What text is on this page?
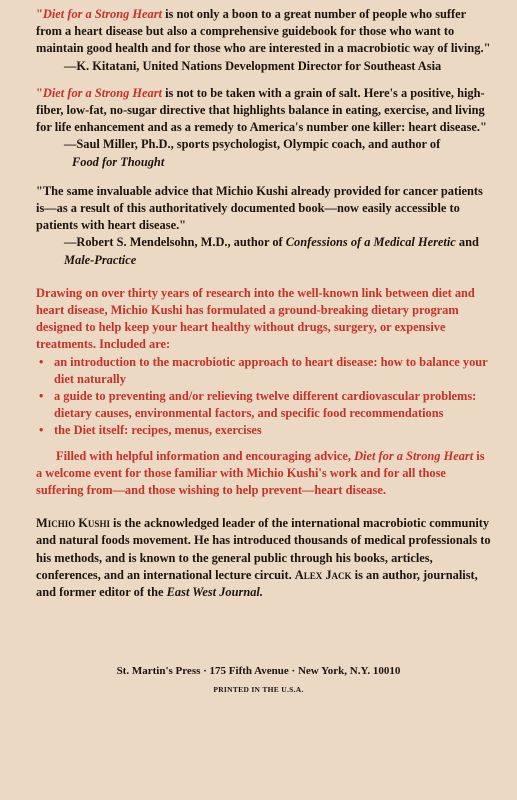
"Diet for a Strong Heart is not only a boon to a great number of people who suffer from a heart disease but also a comprehensive guidebook for those who want to maintain good health and for those who are interested in a macrobiotic way of living."

—K. Kitatani, United Nations Development Director for Southeast Asia

"Diet for a Strong Heart is not to be taken with a grain of salt. Here's a positive, high-fiber, low-fat, no-sugar directive that highlights balance in eating, exercise, and living for life enhancement and as a remedy to America's number one killer: heart disease."

—Saul Miller, Ph.D., sports psychologist, Olympic coach, and author of

Food for Thought

"The same invaluable advice that Michio Kushi already provided for cancer patients is—as a result of this authoritatively documented book—now easily accessible to patients with heart disease."

—Robert S. Mendelsohn, M.D., author of Confessions of a Medical Heretic and Male-Practice

Drawing on over thirty years of research into the well-known link between diet and heart disease, Michio Kushi has formulated a ground-breaking dietary program designed to help keep your heart healthy without drugs, surgery, or expensive treatments. Included are:

• an introduction to the macrobiotic approach to heart disease: how to balance your diet naturally
• a guide to preventing and/or relieving twelve different cardiovascular problems: dietary causes, environmental factors, and specific food recommendations
• the Diet itself: recipes, menus, exercises

Filled with helpful information and encouraging advice, Diet for a Strong Heart is a welcome event for those familiar with Michio Kushi's work and for all those suffering from—and those wishing to help prevent—heart disease.

Michio Kushi is the acknowledged leader of the international macrobiotic community and natural foods movement. He has introduced thousands of medical professionals to his methods, and is known to the general public through his books, articles, conferences, and an international lecture circuit. Alex Jack is an author, journalist, and former editor of the East West Journal.

St. Martin's Press · 175 Fifth Avenue · New York, N.Y. 10010
PRINTED IN THE U.S.A.
